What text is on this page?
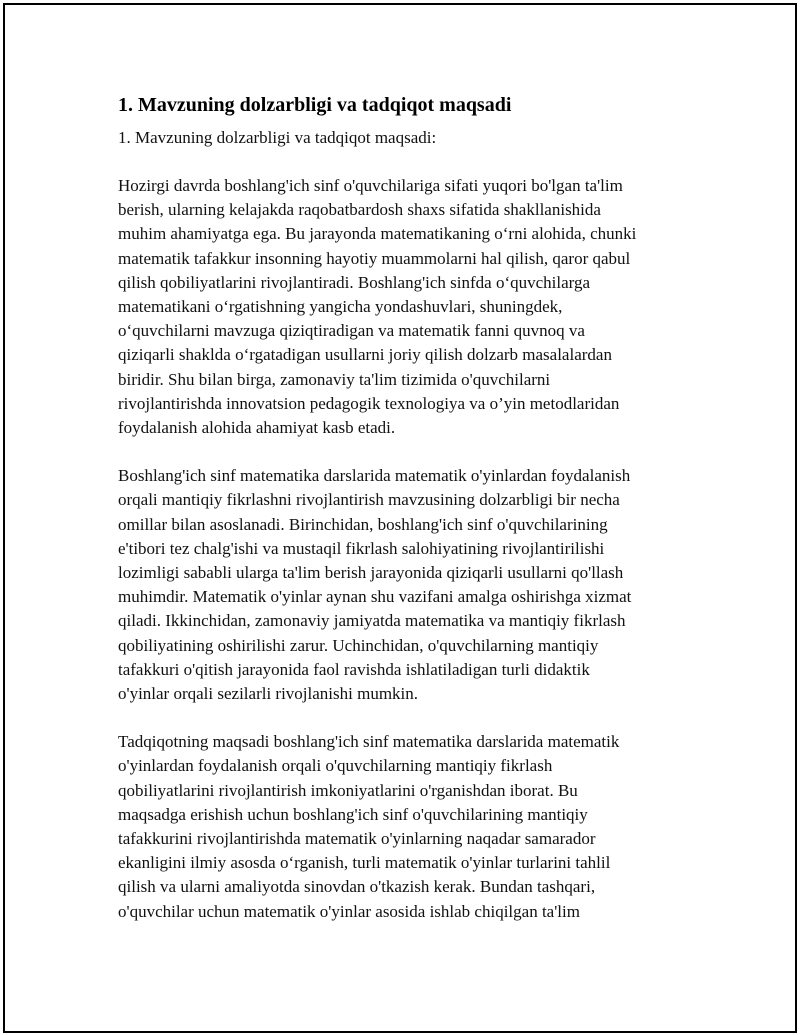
1. Mavzuning dolzarbligi va tadqiqot maqsadi

1. Mavzuning dolzarbligi va tadqiqot maqsadi:

Hozirgi davrda boshlang'ich sinf o'quvchilariga sifati yuqori bo'lgan ta'lim
berish, ularning kelajakda raqobatbardosh shaxs sifatida shakllanishida
muhim ahamiyatga ega. Bu jarayonda matematikaning oʻrni alohida, chunki
matematik tafakkur insonning hayotiy muammolarni hal qilish, qaror qabul
qilish qobiliyatlarini rivojlantiradi. Boshlang'ich sinfda oʻquvchilarga
matematikani oʻrgatishning yangicha yondashuvlari, shuningdek,
oʻquvchilarni mavzuga qiziqtiradigan va matematik fanni quvnoq va
qiziqarli shaklda oʻrgatadigan usullarni joriy qilish dolzarb masalalardan
biridir. Shu bilan birga, zamonaviy ta'lim tizimida o'quvchilarni
rivojlantirishda innovatsion pedagogik texnologiya va o’yin metodlaridan
foydalanish alohida ahamiyat kasb etadi.

Boshlang'ich sinf matematika darslarida matematik o'yinlardan foydalanish
orqali mantiqiy fikrlashni rivojlantirish mavzusining dolzarbligi bir necha
omillar bilan asoslanadi. Birinchidan, boshlang'ich sinf o'quvchilarining
e'tibori tez chalg'ishi va mustaqil fikrlash salohiyatining rivojlantirilishi
lozimligi sababli ularga ta'lim berish jarayonida qiziqarli usullarni qo'llash
muhimdir. Matematik o'yinlar aynan shu vazifani amalga oshirishga xizmat
qiladi. Ikkinchidan, zamonaviy jamiyatda matematika va mantiqiy fikrlash
qobiliyatining oshirilishi zarur. Uchinchidan, o'quvchilarning mantiqiy
tafakkuri o'qitish jarayonida faol ravishda ishlatiladigan turli didaktik
o'yinlar orqali sezilarli rivojlanishi mumkin.

Tadqiqotning maqsadi boshlang'ich sinf matematika darslarida matematik
o'yinlardan foydalanish orqali o'quvchilarning mantiqiy fikrlash
qobiliyatlarini rivojlantirish imkoniyatlarini o'rganishdan iborat. Bu
maqsadga erishish uchun boshlang'ich sinf o'quvchilarining mantiqiy
tafakkurini rivojlantirishda matematik o'yinlarning naqadar samarador
ekanligini ilmiy asosda oʻrganish, turli matematik o'yinlar turlarini tahlil
qilish va ularni amaliyotda sinovdan o'tkazish kerak. Bundan tashqari,
o'quvchilar uchun matematik o'yinlar asosida ishlab chiqilgan ta'lim
